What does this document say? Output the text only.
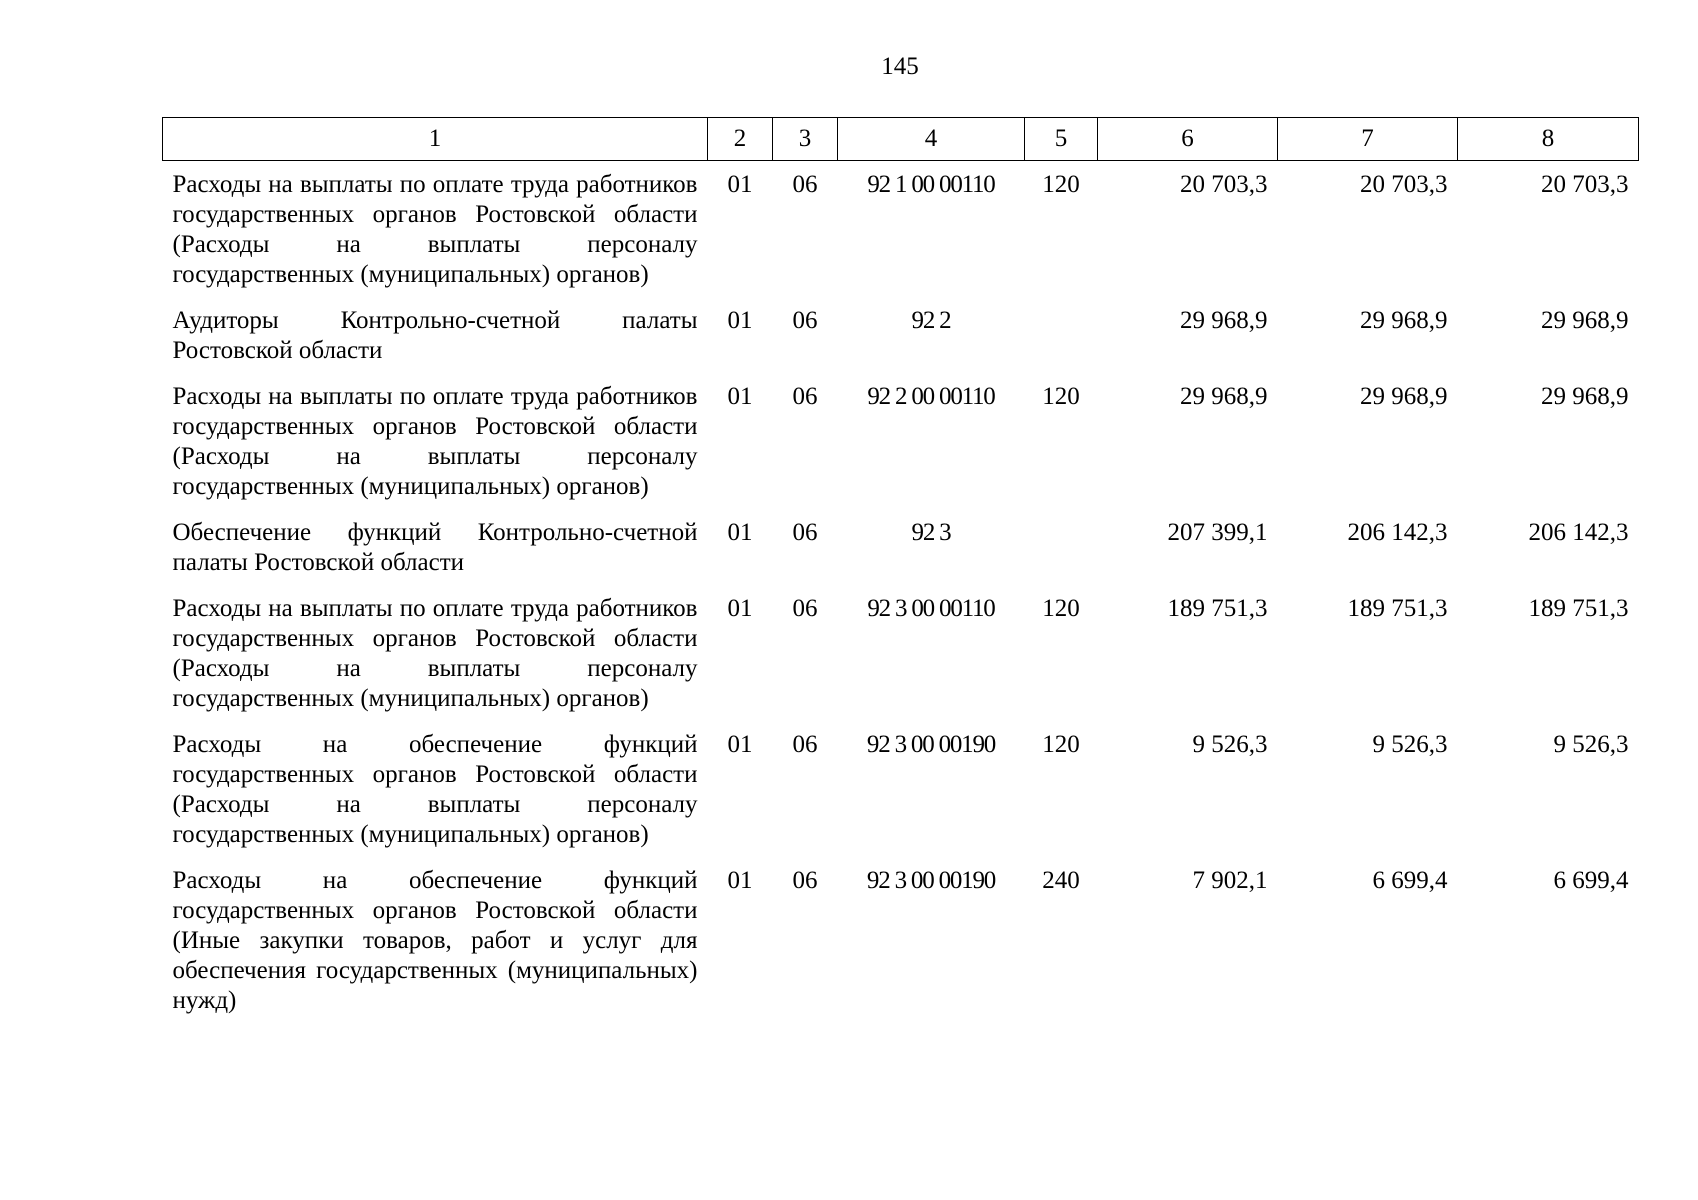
145
1	2	3	4	5	6	7	8
Расходы на выплаты по оплате труда работников государственных органов Ростовской области (Расходы на выплаты персоналу государственных (муниципальных) органов)	01	06	92 1 00 00110	120	20 703,3	20 703,3	20 703,3
Аудиторы Контрольно-счетной палаты Ростовской области	01	06	92 2		29 968,9	29 968,9	29 968,9
Расходы на выплаты по оплате труда работников государственных органов Ростовской области (Расходы на выплаты персоналу государственных (муниципальных) органов)	01	06	92 2 00 00110	120	29 968,9	29 968,9	29 968,9
Обеспечение функций Контрольно-счетной палаты Ростовской области	01	06	92 3		207 399,1	206 142,3	206 142,3
Расходы на выплаты по оплате труда работников государственных органов Ростовской области (Расходы на выплаты персоналу государственных (муниципальных) органов)	01	06	92 3 00 00110	120	189 751,3	189 751,3	189 751,3
Расходы на обеспечение функций государственных органов Ростовской области (Расходы на выплаты персоналу государственных (муниципальных) органов)	01	06	92 3 00 00190	120	9 526,3	9 526,3	9 526,3
Расходы на обеспечение функций государственных органов Ростовской области (Иные закупки товаров, работ и услуг для обеспечения государственных (муниципальных) нужд)	01	06	92 3 00 00190	240	7 902,1	6 699,4	6 699,4
